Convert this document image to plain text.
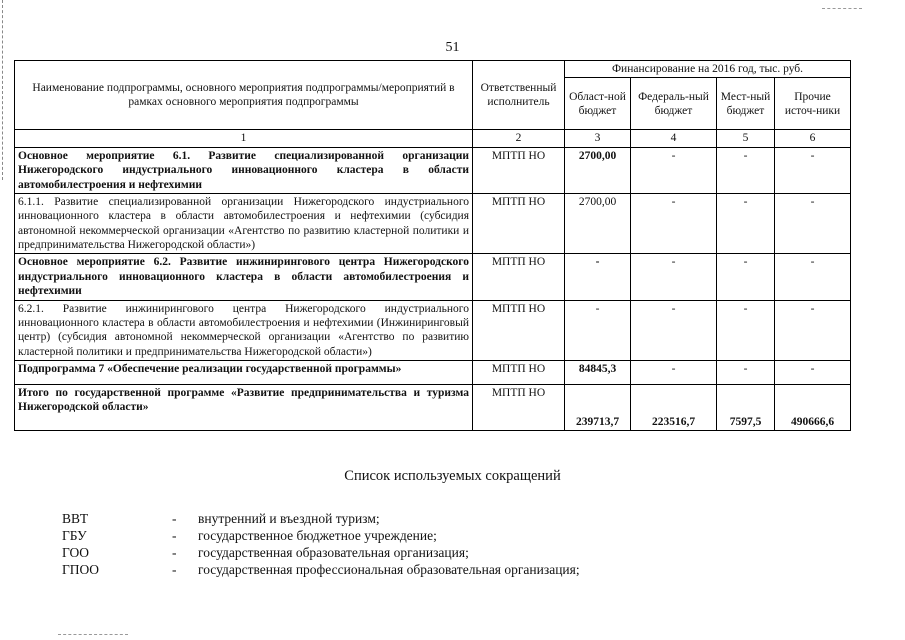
51
Наименование подпрограммы, основного мероприятия подпрограммы/мероприятий в рамках основного мероприятия подпрограммы	Ответственный исполнитель	Финансирование на 2016 год, тыс. руб.			
		Област-ной бюджет	Федераль-ный бюджет	Мест-ный бюджет	Прочие источ-ники
1	2	3	4	5	6
Основное мероприятие 6.1. Развитие специализированной организации Нижегородского индустриального инновационного кластера в области автомобилестроения и нефтехимии	МПТП НО	2700,00	-	-	-
6.1.1. Развитие специализированной организации Нижегородского индустриального инновационного кластера в области автомобилестроения и нефтехимии (субсидия автономной некоммерческой организации «Агентство по развитию кластерной политики и предпринимательства Нижегородской области»)	МПТП НО	2700,00	-	-	-
Основное мероприятие 6.2. Развитие инжинирингового центра Нижегородского индустриального инновационного кластера в области автомобилестроения и нефтехимии	МПТП НО	-	-	-	-
6.2.1. Развитие инжинирингового центра Нижегородского индустриального инновационного кластера в области автомобилестроения и нефтехимии (Инжиниринговый центр) (субсидия автономной некоммерческой организации «Агентство по развитию кластерной политики и предпринимательства Нижегородской области»)	МПТП НО	-	-	-	-
Подпрограмма 7 «Обеспечение реализации государственной программы»	МПТП НО	84845,3	-	-	-
Итого по государственной программе «Развитие предпринимательства и туризма Нижегородской области»	МПТП НО	239713,7	223516,7	7597,5	490666,6
Список используемых сокращений
ВВТ	-	внутренний и въездной туризм;
ГБУ	-	государственное бюджетное учреждение;
ГОО	-	государственная образовательная организация;
ГПОО	-	государственная профессиональная образовательная организация;
